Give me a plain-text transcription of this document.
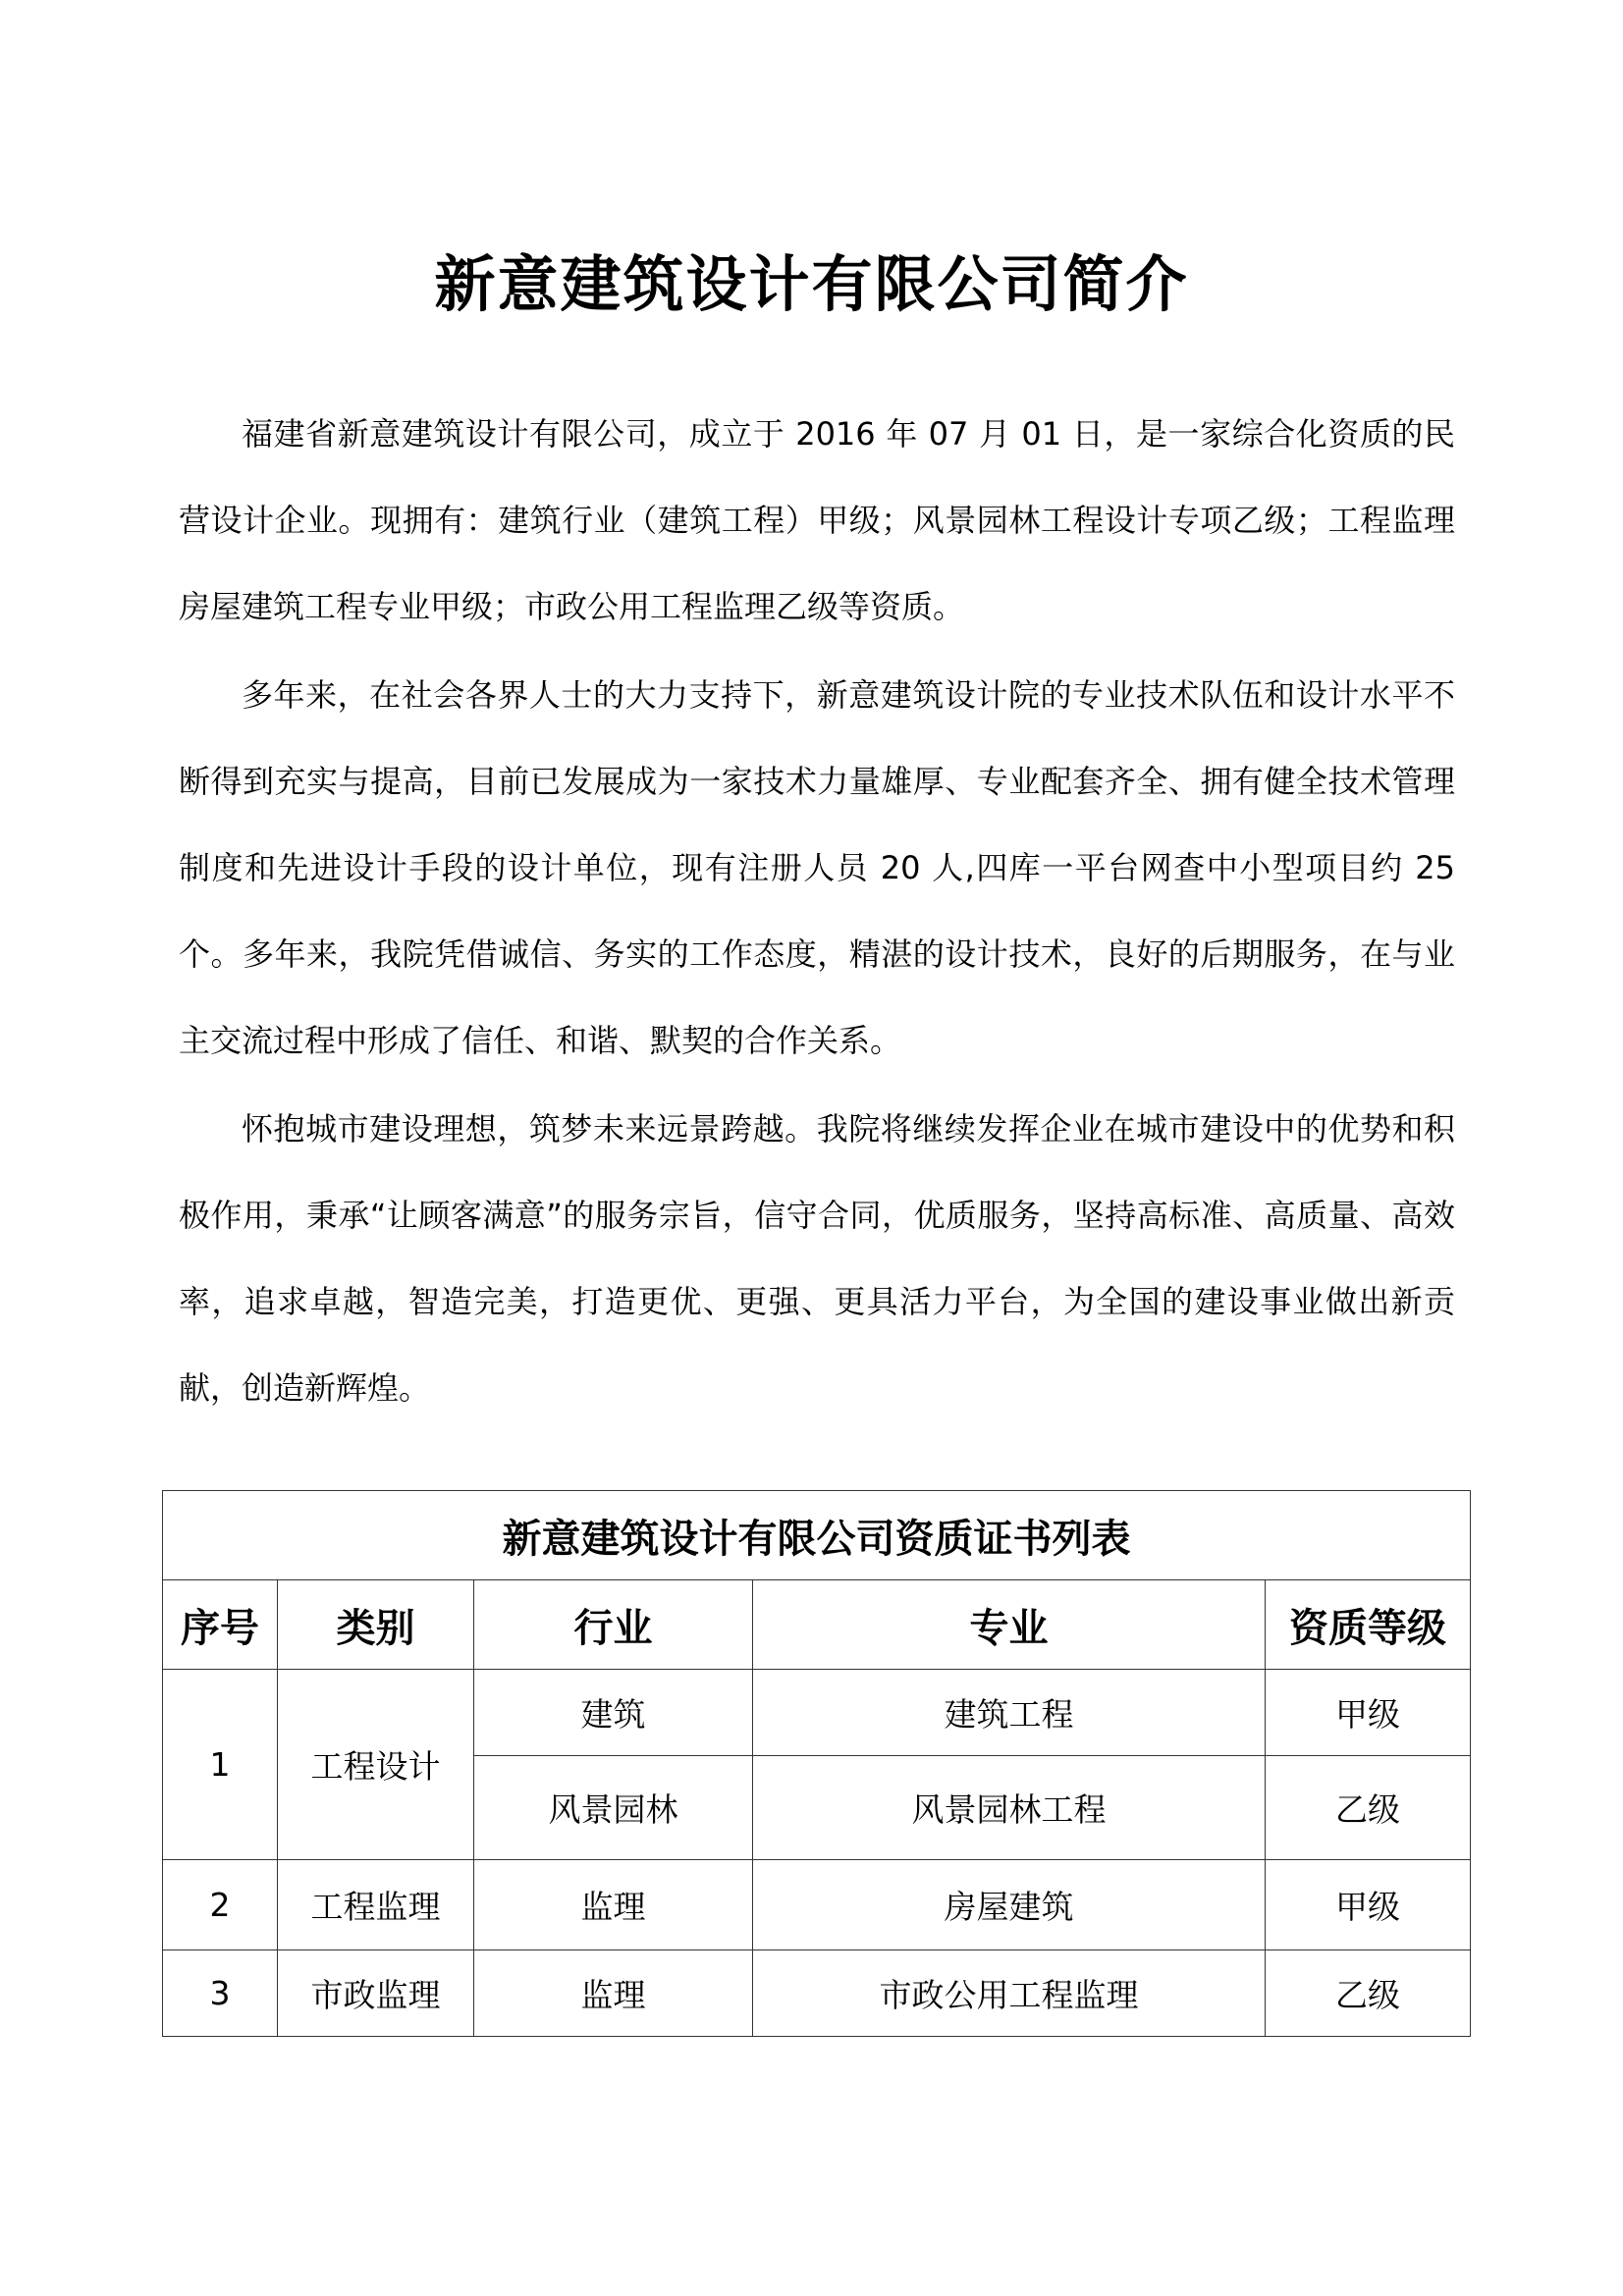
新意建筑设计有限公司简介

福建省新意建筑设计有限公司，成立于 2016 年 07 月 01 日，是一家综合化资质的民营设计企业。现拥有：建筑行业（建筑工程）甲级；风景园林工程设计专项乙级；工程监理房屋建筑工程专业甲级；市政公用工程监理乙级等资质。

多年来，在社会各界人士的大力支持下，新意建筑设计院的专业技术队伍和设计水平不断得到充实与提高，目前已发展成为一家技术力量雄厚、专业配套齐全、拥有健全技术管理制度和先进设计手段的设计单位，现有注册人员 20 人,四库一平台网查中小型项目约 25 个。多年来，我院凭借诚信、务实的工作态度，精湛的设计技术，良好的后期服务，在与业主交流过程中形成了信任、和谐、默契的合作关系。

怀抱城市建设理想，筑梦未来远景跨越。我院将继续发挥企业在城市建设中的优势和积极作用，秉承“让顾客满意”的服务宗旨，信守合同，优质服务，坚持高标准、高质量、高效率，追求卓越，智造完美，打造更优、更强、更具活力平台，为全国的建设事业做出新贡献，创造新辉煌。

新意建筑设计有限公司资质证书列表				
序号	类别	行业	专业	资质等级
1	工程设计	建筑	建筑工程	甲级
		风景园林	风景园林工程	乙级
2	工程监理	监理	房屋建筑	甲级
3	市政监理	监理	市政公用工程监理	乙级
